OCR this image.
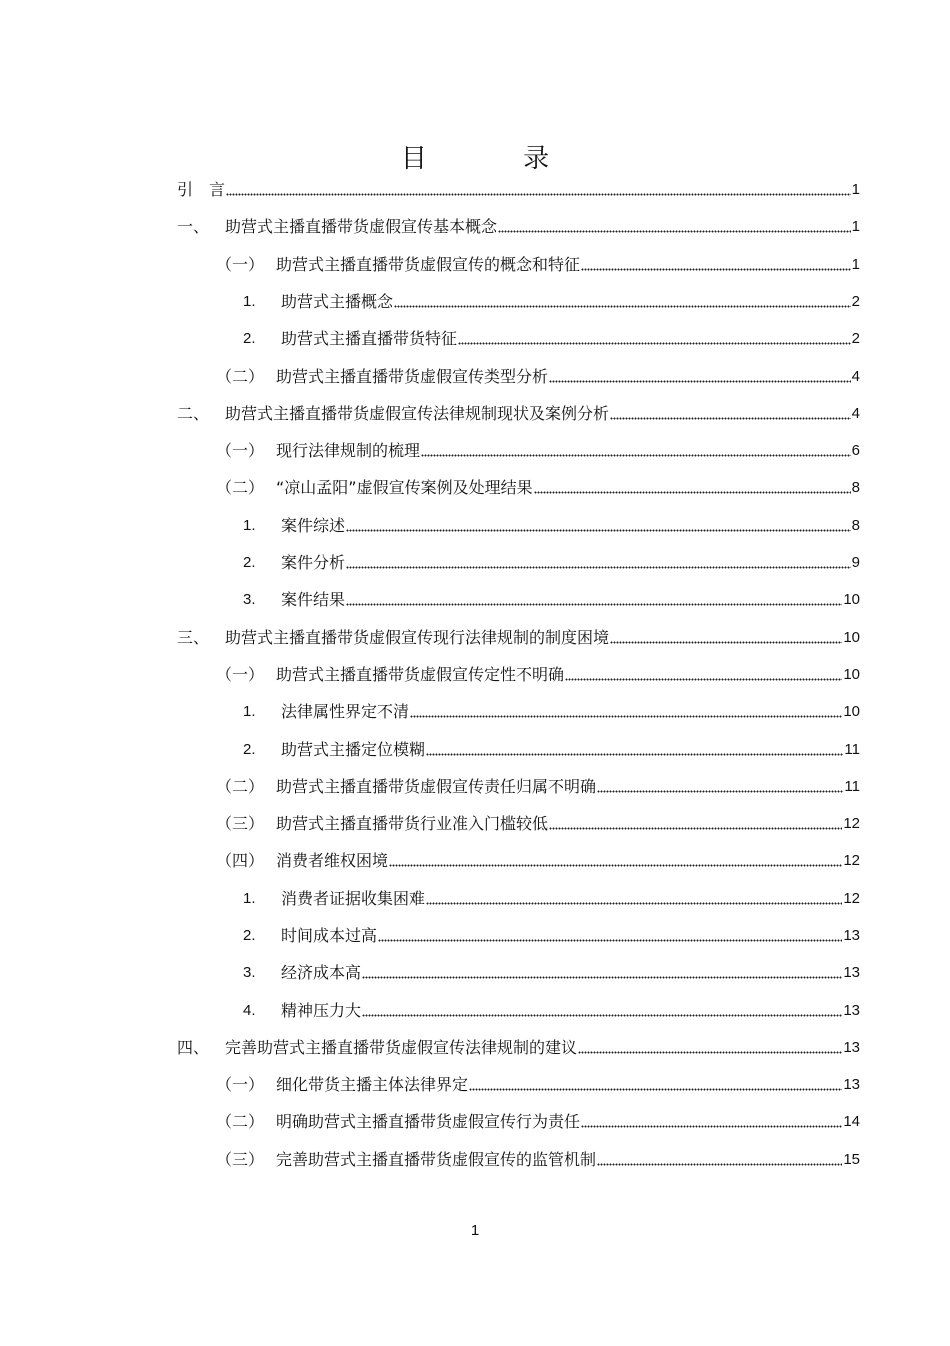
目 录
引　言	1
一、 助营式主播直播带货虚假宣传基本概念	1
（一） 助营式主播直播带货虚假宣传的概念和特征	1
1.	助营式主播概念	2
2.	助营式主播直播带货特征	2
（二） 助营式主播直播带货虚假宣传类型分析	4
二、 助营式主播直播带货虚假宣传法律规制现状及案例分析	4
（一） 现行法律规制的梳理	6
（二） “凉山孟阳”虚假宣传案例及处理结果	8
1.	案件综述	8
2.	案件分析	9
3.	案件结果	10
三、 助营式主播直播带货虚假宣传现行法律规制的制度困境	10
（一） 助营式主播直播带货虚假宣传定性不明确	10
1.	法律属性界定不清	10
2.	助营式主播定位模糊	11
（二） 助营式主播直播带货虚假宣传责任归属不明确	11
（三） 助营式主播直播带货行业准入门槛较低	12
（四） 消费者维权困境	12
1.	消费者证据收集困难	12
2.	时间成本过高	13
3.	经济成本高	13
4.	精神压力大	13
四、 完善助营式主播直播带货虚假宣传法律规制的建议	13
（一） 细化带货主播主体法律界定	13
（二） 明确助营式主播直播带货虚假宣传行为责任	14
（三） 完善助营式主播直播带货虚假宣传的监管机制	15
1
